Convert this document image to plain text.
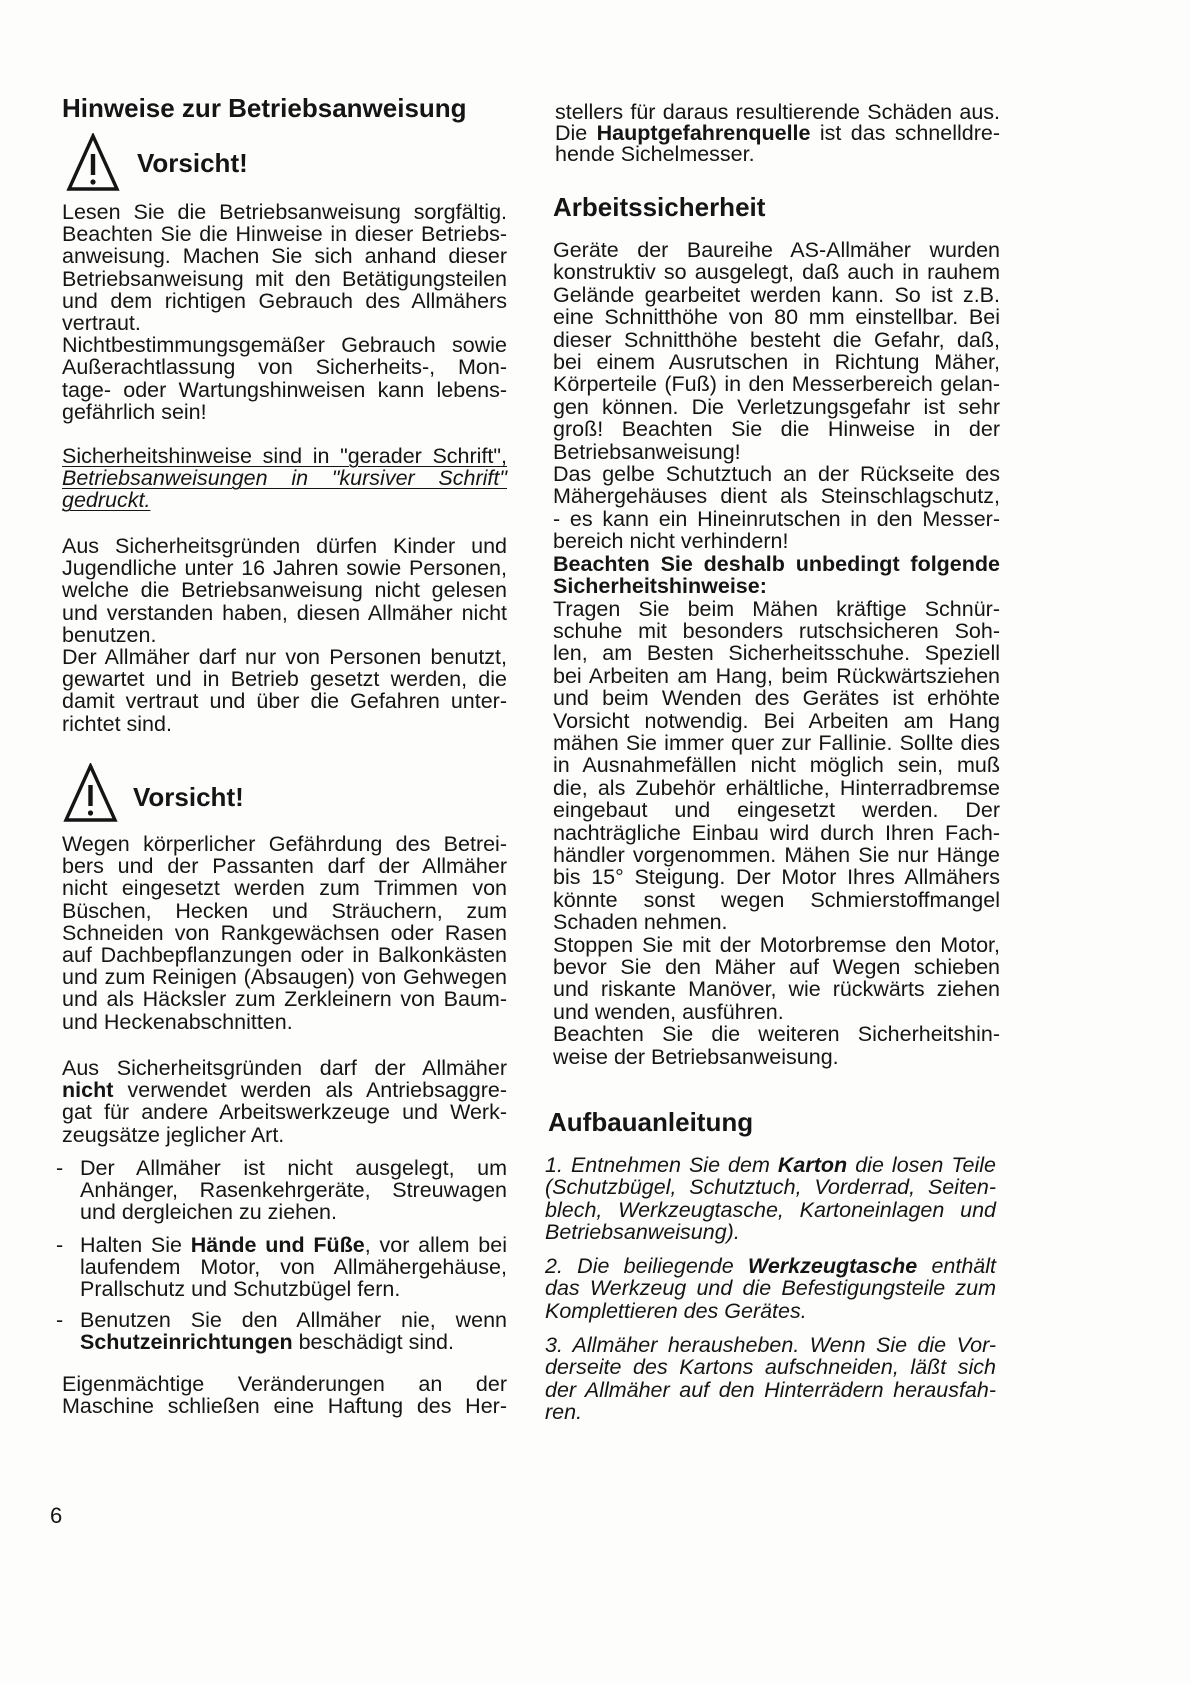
Hinweise zur Betriebsanweisung
Vorsicht!
Lesen Sie die Betriebsanweisung sorgfältig.
Beachten Sie die Hinweise in dieser Betriebs-
anweisung. Machen Sie sich anhand dieser
Betriebsanweisung mit den Betätigungsteilen
und dem richtigen Gebrauch des Allmähers
vertraut.
Nichtbestimmungsgemäßer Gebrauch sowie
Außerachtlassung von Sicherheits-, Mon-
tage- oder Wartungshinweisen kann lebens-
gefährlich sein!
Sicherheitshinweise sind in "gerader Schrift",
Betriebsanweisungen in "kursiver Schrift"
gedruckt.
Aus Sicherheitsgründen dürfen Kinder und
Jugendliche unter 16 Jahren sowie Personen,
welche die Betriebsanweisung nicht gelesen
und verstanden haben, diesen Allmäher nicht
benutzen.
Der Allmäher darf nur von Personen benutzt,
gewartet und in Betrieb gesetzt werden, die
damit vertraut und über die Gefahren unter-
richtet sind.
Vorsicht!
Wegen körperlicher Gefährdung des Betrei-
bers und der Passanten darf der Allmäher
nicht eingesetzt werden zum Trimmen von
Büschen, Hecken und Sträuchern, zum
Schneiden von Rankgewächsen oder Rasen
auf Dachbepflanzungen oder in Balkonkästen
und zum Reinigen (Absaugen) von Gehwegen
und als Häcksler zum Zerkleinern von Baum-
und Heckenabschnitten.
Aus Sicherheitsgründen darf der Allmäher
nicht verwendet werden als Antriebsaggre-
gat für andere Arbeitswerkzeuge und Werk-
zeugsätze jeglicher Art.
- Der Allmäher ist nicht ausgelegt, um
Anhänger, Rasenkehrgeräte, Streuwagen
und dergleichen zu ziehen.
- Halten Sie Hände und Füße, vor allem bei
laufendem Motor, von Allmähergehäuse,
Prallschutz und Schutzbügel fern.
- Benutzen Sie den Allmäher nie, wenn
Schutzeinrichtungen beschädigt sind.
Eigenmächtige Veränderungen an der
Maschine schließen eine Haftung des Her-
6
stellers für daraus resultierende Schäden aus.
Die Hauptgefahrenquelle ist das schnelldre-
hende Sichelmesser.
Arbeitssicherheit
Geräte der Baureihe AS-Allmäher wurden
konstruktiv so ausgelegt, daß auch in rauhem
Gelände gearbeitet werden kann. So ist z.B.
eine Schnitthöhe von 80 mm einstellbar. Bei
dieser Schnitthöhe besteht die Gefahr, daß,
bei einem Ausrutschen in Richtung Mäher,
Körperteile (Fuß) in den Messerbereich gelan-
gen können. Die Verletzungsgefahr ist sehr
groß! Beachten Sie die Hinweise in der
Betriebsanweisung!
Das gelbe Schutztuch an der Rückseite des
Mähergehäuses dient als Steinschlagschutz,
- es kann ein Hineinrutschen in den Messer-
bereich nicht verhindern!
Beachten Sie deshalb unbedingt folgende
Sicherheitshinweise:
Tragen Sie beim Mähen kräftige Schnür-
schuhe mit besonders rutschsicheren Soh-
len, am Besten Sicherheitsschuhe. Speziell
bei Arbeiten am Hang, beim Rückwärtsziehen
und beim Wenden des Gerätes ist erhöhte
Vorsicht notwendig. Bei Arbeiten am Hang
mähen Sie immer quer zur Fallinie. Sollte dies
in Ausnahmefällen nicht möglich sein, muß
die, als Zubehör erhältliche, Hinterradbremse
eingebaut und eingesetzt werden. Der
nachträgliche Einbau wird durch Ihren Fach-
händler vorgenommen. Mähen Sie nur Hänge
bis 15° Steigung. Der Motor Ihres Allmähers
könnte sonst wegen Schmierstoffmangel
Schaden nehmen.
Stoppen Sie mit der Motorbremse den Motor,
bevor Sie den Mäher auf Wegen schieben
und riskante Manöver, wie rückwärts ziehen
und wenden, ausführen.
Beachten Sie die weiteren Sicherheitshin-
weise der Betriebsanweisung.
Aufbauanleitung
1. Entnehmen Sie dem Karton die losen Teile
(Schutzbügel, Schutztuch, Vorderrad, Seiten-
blech, Werkzeugtasche, Kartoneinlagen und
Betriebsanweisung).
2. Die beiliegende Werkzeugtasche enthält
das Werkzeug und die Befestigungsteile zum
Komplettieren des Gerätes.
3. Allmäher herausheben. Wenn Sie die Vor-
derseite des Kartons aufschneiden, läßt sich
der Allmäher auf den Hinterrädern herausfah-
ren.
